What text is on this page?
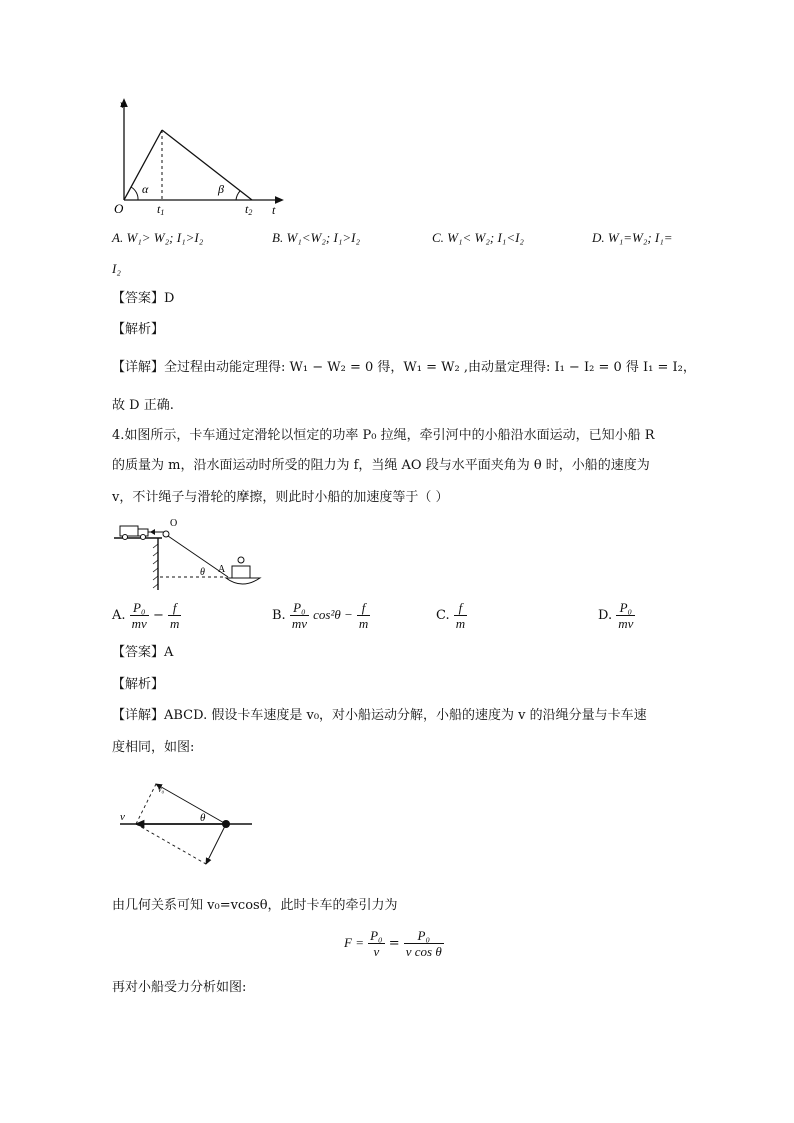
v
t
O	t1	t2
α	β
A. W₁> W₂; I₁>I₂	B. W₁<W₂; I₁>I₂	C. W₁< W₂; I₁<I₂	D. W₁=W₂; I₁=
I₂
【答案】D
【解析】
【详解】全过程由动能定理得: W₁ − W₂ = 0 得，W₁ = W₂ ,由动量定理得: I₁ − I₂ = 0 得 I₁ = I₂，
故 D 正确.
4.如图所示，卡车通过定滑轮以恒定的功率 P₀ 拉绳，牵引河中的小船沿水面运动，已知小船 R
的质量为 m，沿水面运动时所受的阻力为 f，当绳 AO 段与水平面夹角为 θ 时，小船的速度为
v，不计绳子与滑轮的摩擦，则此时小船的加速度等于（ ）
O
θ A
A. $\frac{\text{P₀}}{mv} - \frac{f}{m}$	B. $\frac{\text{P₀}}{mv} \cos^2\theta - \frac{f}{m}$	C. $\frac{f}{m}$	D. $\frac{\text{P₀}}{mv}$
【答案】A
【解析】
【详解】ABCD. 假设卡车速度是 v₀，对小船运动分解，小船的速度为 v 的沿绳分量与卡车速
度相同，如图:
v
v₀
θ
由几何关系可知 v₀=vcosθ，此时卡车的牵引力为
$F = \frac{\text{P₀}}{v} = \frac{\text{P₀}}{\text{v cos θ}}$
再对小船受力分析如图:
